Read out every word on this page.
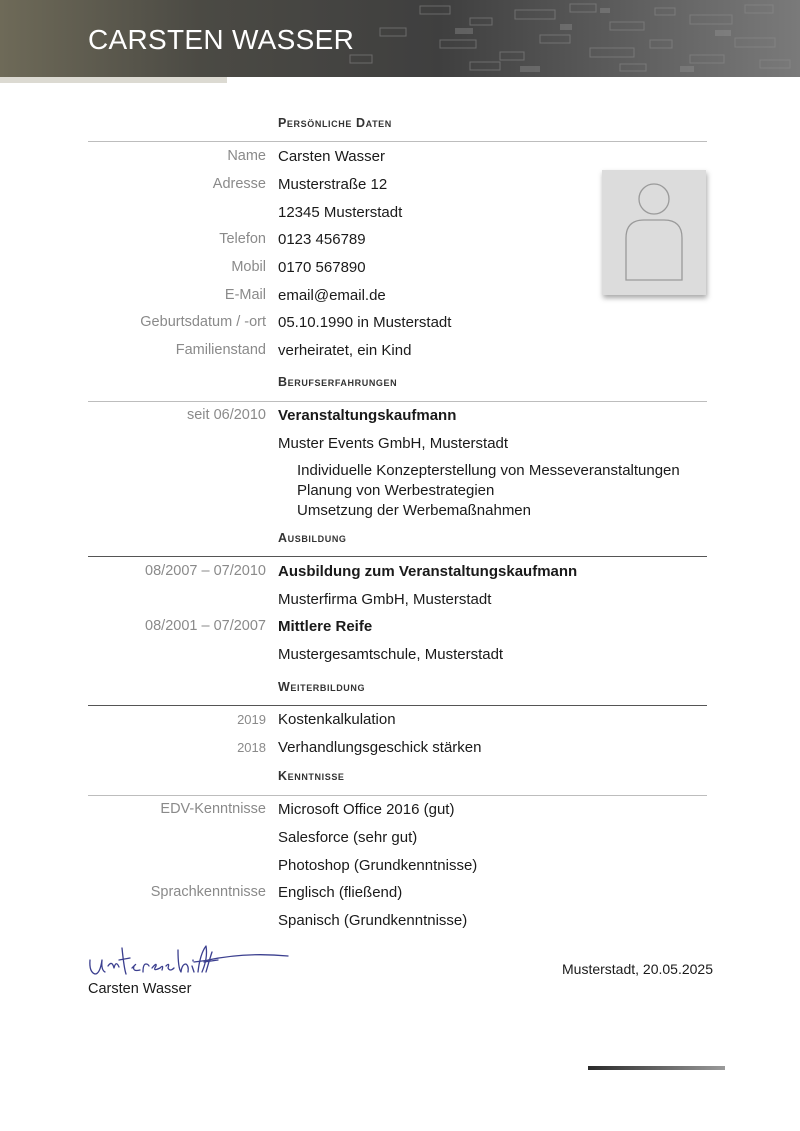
CARSTEN WASSER
Persönliche Daten
Name Carsten Wasser
Adresse Musterstraße 12
12345 Musterstadt
Telefon 0123 456789
Mobil 0170 567890
E-Mail email@email.de
Geburtsdatum / -ort 05.10.1990 in Musterstadt
Familienstand verheiratet, ein Kind
Berufserfahrungen
seit 06/2010 Veranstaltungskaufmann
Muster Events GmbH, Musterstadt
Individuelle Konzepterstellung von Messeveranstaltungen
Planung von Werbestrategien
Umsetzung der Werbemaßnahmen
Ausbildung
08/2007 – 07/2010 Ausbildung zum Veranstaltungskaufmann
Musterfirma GmbH, Musterstadt
08/2001 – 07/2007 Mittlere Reife
Mustergesamtschule, Musterstadt
Weiterbildung
2019 Kostenkalkulation
2018 Verhandlungsgeschick stärken
Kenntnisse
EDV-Kenntnisse Microsoft Office 2016 (gut)
Salesforce (sehr gut)
Photoshop (Grundkenntnisse)
Sprachkenntnisse Englisch (fließend)
Spanisch (Grundkenntnisse)
Carsten Wasser
Musterstadt, 20.05.2025
